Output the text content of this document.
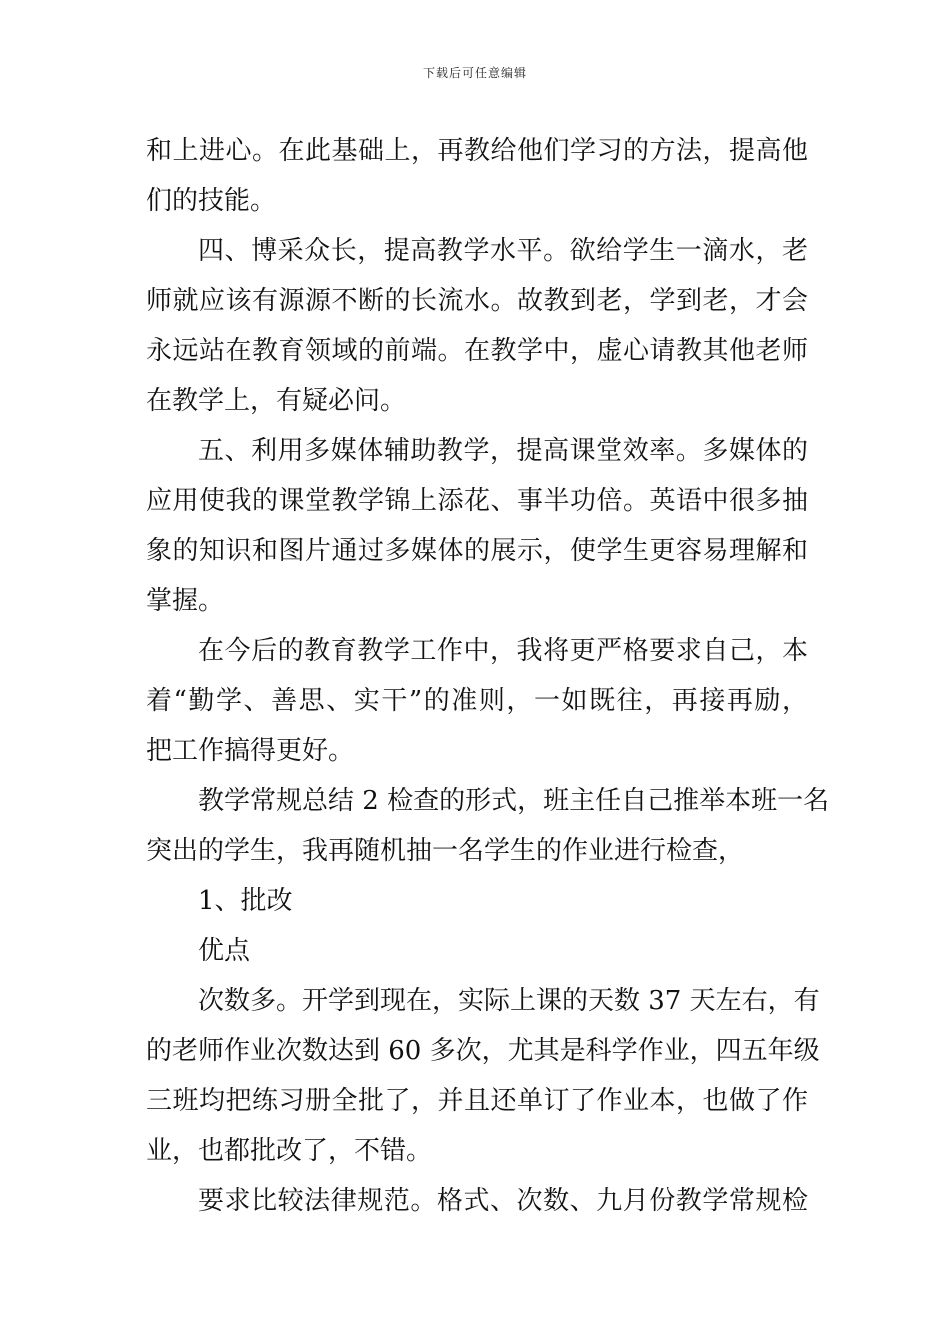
下载后可任意编辑
和上进心。在此基础上，再教给他们学习的方法，提高他
们的技能。
四、博采众长，提高教学水平。欲给学生一滴水，老
师就应该有源源不断的长流水。故教到老，学到老，才会
永远站在教育领域的前端。在教学中，虚心请教其他老师
在教学上，有疑必问。
五、利用多媒体辅助教学，提高课堂效率。多媒体的
应用使我的课堂教学锦上添花、事半功倍。英语中很多抽
象的知识和图片通过多媒体的展示，使学生更容易理解和
掌握。
在今后的教育教学工作中，我将更严格要求自己，本
着“勤学、善思、实干”的准则，一如既往，再接再励，
把工作搞得更好。
教学常规总结 2 检查的形式，班主任自己推举本班一名
突出的学生，我再随机抽一名学生的作业进行检查，
1、批改
优点
次数多。开学到现在，实际上课的天数 37 天左右，有
的老师作业次数达到 60 多次，尤其是科学作业，四五年级
三班均把练习册全批了，并且还单订了作业本，也做了作
业，也都批改了，不错。
要求比较法律规范。格式、次数、九月份教学常规检
